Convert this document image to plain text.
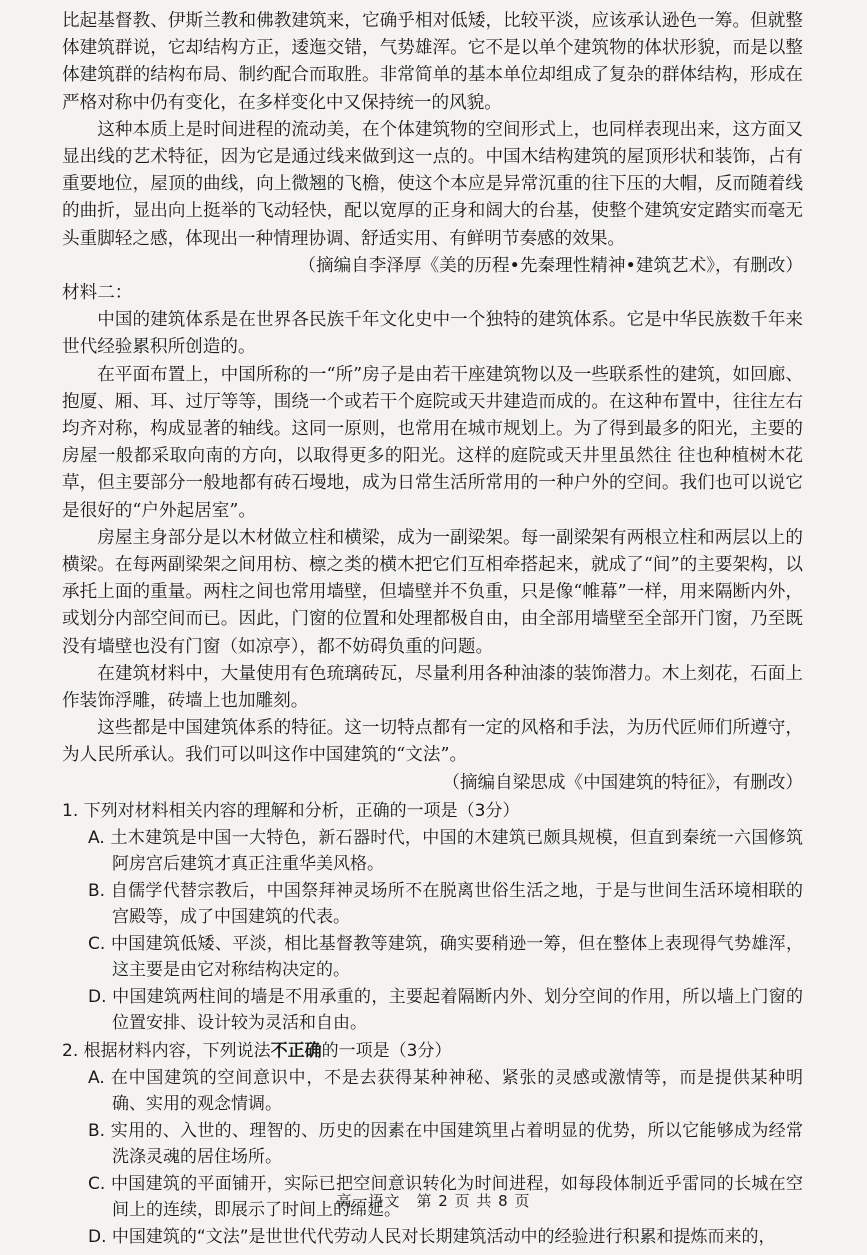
比起基督教、伊斯兰教和佛教建筑来，它确乎相对低矮，比较平淡，应该承认逊色一筹。但就整体建筑群说，它却结构方正，逶迤交错，气势雄浑。它不是以单个建筑物的体状形貌，而是以整体建筑群的结构布局、制约配合而取胜。非常简单的基本单位却组成了复杂的群体结构，形成在严格对称中仍有变化，在多样变化中又保持统一的风貌。

这种本质上是时间进程的流动美，在个体建筑物的空间形式上，也同样表现出来，这方面又显出线的艺术特征，因为它是通过线来做到这一点的。中国木结构建筑的屋顶形状和装饰，占有重要地位，屋顶的曲线，向上微翘的飞檐，使这个本应是异常沉重的往下压的大帽，反而随着线的曲折，显出向上挺举的飞动轻快，配以宽厚的正身和阔大的台基，使整个建筑安定踏实而毫无头重脚轻之感，体现出一种情理协调、舒适实用、有鲜明节奏感的效果。

（摘编自李泽厚《美的历程•先秦理性精神•建筑艺术》，有删改）

材料二：

中国的建筑体系是在世界各民族千年文化史中一个独特的建筑体系。它是中华民族数千年来世代经验累积所创造的。

在平面布置上，中国所称的一“所”房子是由若干座建筑物以及一些联系性的建筑，如回廊、抱厦、厢、耳、过厅等等，围绕一个或若干个庭院或天井建造而成的。在这种布置中，往往左右均齐对称，构成显著的轴线。这同一原则，也常用在城市规划上。为了得到最多的阳光，主要的房屋一般都采取向南的方向，以取得更多的阳光。这样的庭院或天井里虽然往 往也种植树木花草，但主要部分一般地都有砖石墁地，成为日常生活所常用的一种户外的空间。我们也可以说它是很好的“户外起居室”。

房屋主身部分是以木材做立柱和横梁，成为一副梁架。每一副梁架有两根立柱和两层以上的横梁。在每两副梁架之间用枋、檩之类的横木把它们互相牵搭起来，就成了“间”的主要架构，以承托上面的重量。两柱之间也常用墙壁，但墙壁并不负重，只是像“帷幕”一样，用来隔断内外，或划分内部空间而已。因此，门窗的位置和处理都极自由，由全部用墙壁至全部开门窗，乃至既没有墙壁也没有门窗（如凉亭），都不妨碍负重的问题。

在建筑材料中，大量使用有色琉璃砖瓦，尽量利用各种油漆的装饰潜力。木上刻花，石面上作装饰浮雕，砖墙上也加雕刻。

这些都是中国建筑体系的特征。这一切特点都有一定的风格和手法，为历代匠师们所遵守，为人民所承认。我们可以叫这作中国建筑的“文法”。

（摘编自梁思成《中国建筑的特征》，有删改）

1. 下列对材料相关内容的理解和分析，正确的一项是（3分）

A. 土木建筑是中国一大特色，新石器时代，中国的木建筑已颇具规模，但直到秦统一六国修筑阿房宫后建筑才真正注重华美风格。

B. 自儒学代替宗教后，中国祭拜神灵场所不在脱离世俗生活之地，于是与世间生活环境相联的宫殿等，成了中国建筑的代表。

C. 中国建筑低矮、平淡，相比基督教等建筑，确实要稍逊一筹，但在整体上表现得气势雄浑，这主要是由它对称结构决定的。

D. 中国建筑两柱间的墙是不用承重的，主要起着隔断内外、划分空间的作用，所以墙上门窗的位置安排、设计较为灵活和自由。

2. 根据材料内容，下列说法不正确的一项是（3分）

A. 在中国建筑的空间意识中，不是去获得某种神秘、紧张的灵感或激情等，而是提供某种明确、实用的观念情调。

B. 实用的、入世的、理智的、历史的因素在中国建筑里占着明显的优势，所以它能够成为经常洗涤灵魂的居住场所。

C. 中国建筑的平面铺开，实际已把空间意识转化为时间进程，如每段体制近乎雷同的长城在空间上的连续，即展示了时间上的绵延。

D. 中国建筑的“文法”是世世代代劳动人民对长期建筑活动中的经验进行积累和提炼而来的，

高一语文　第 2 页 共 8 页
